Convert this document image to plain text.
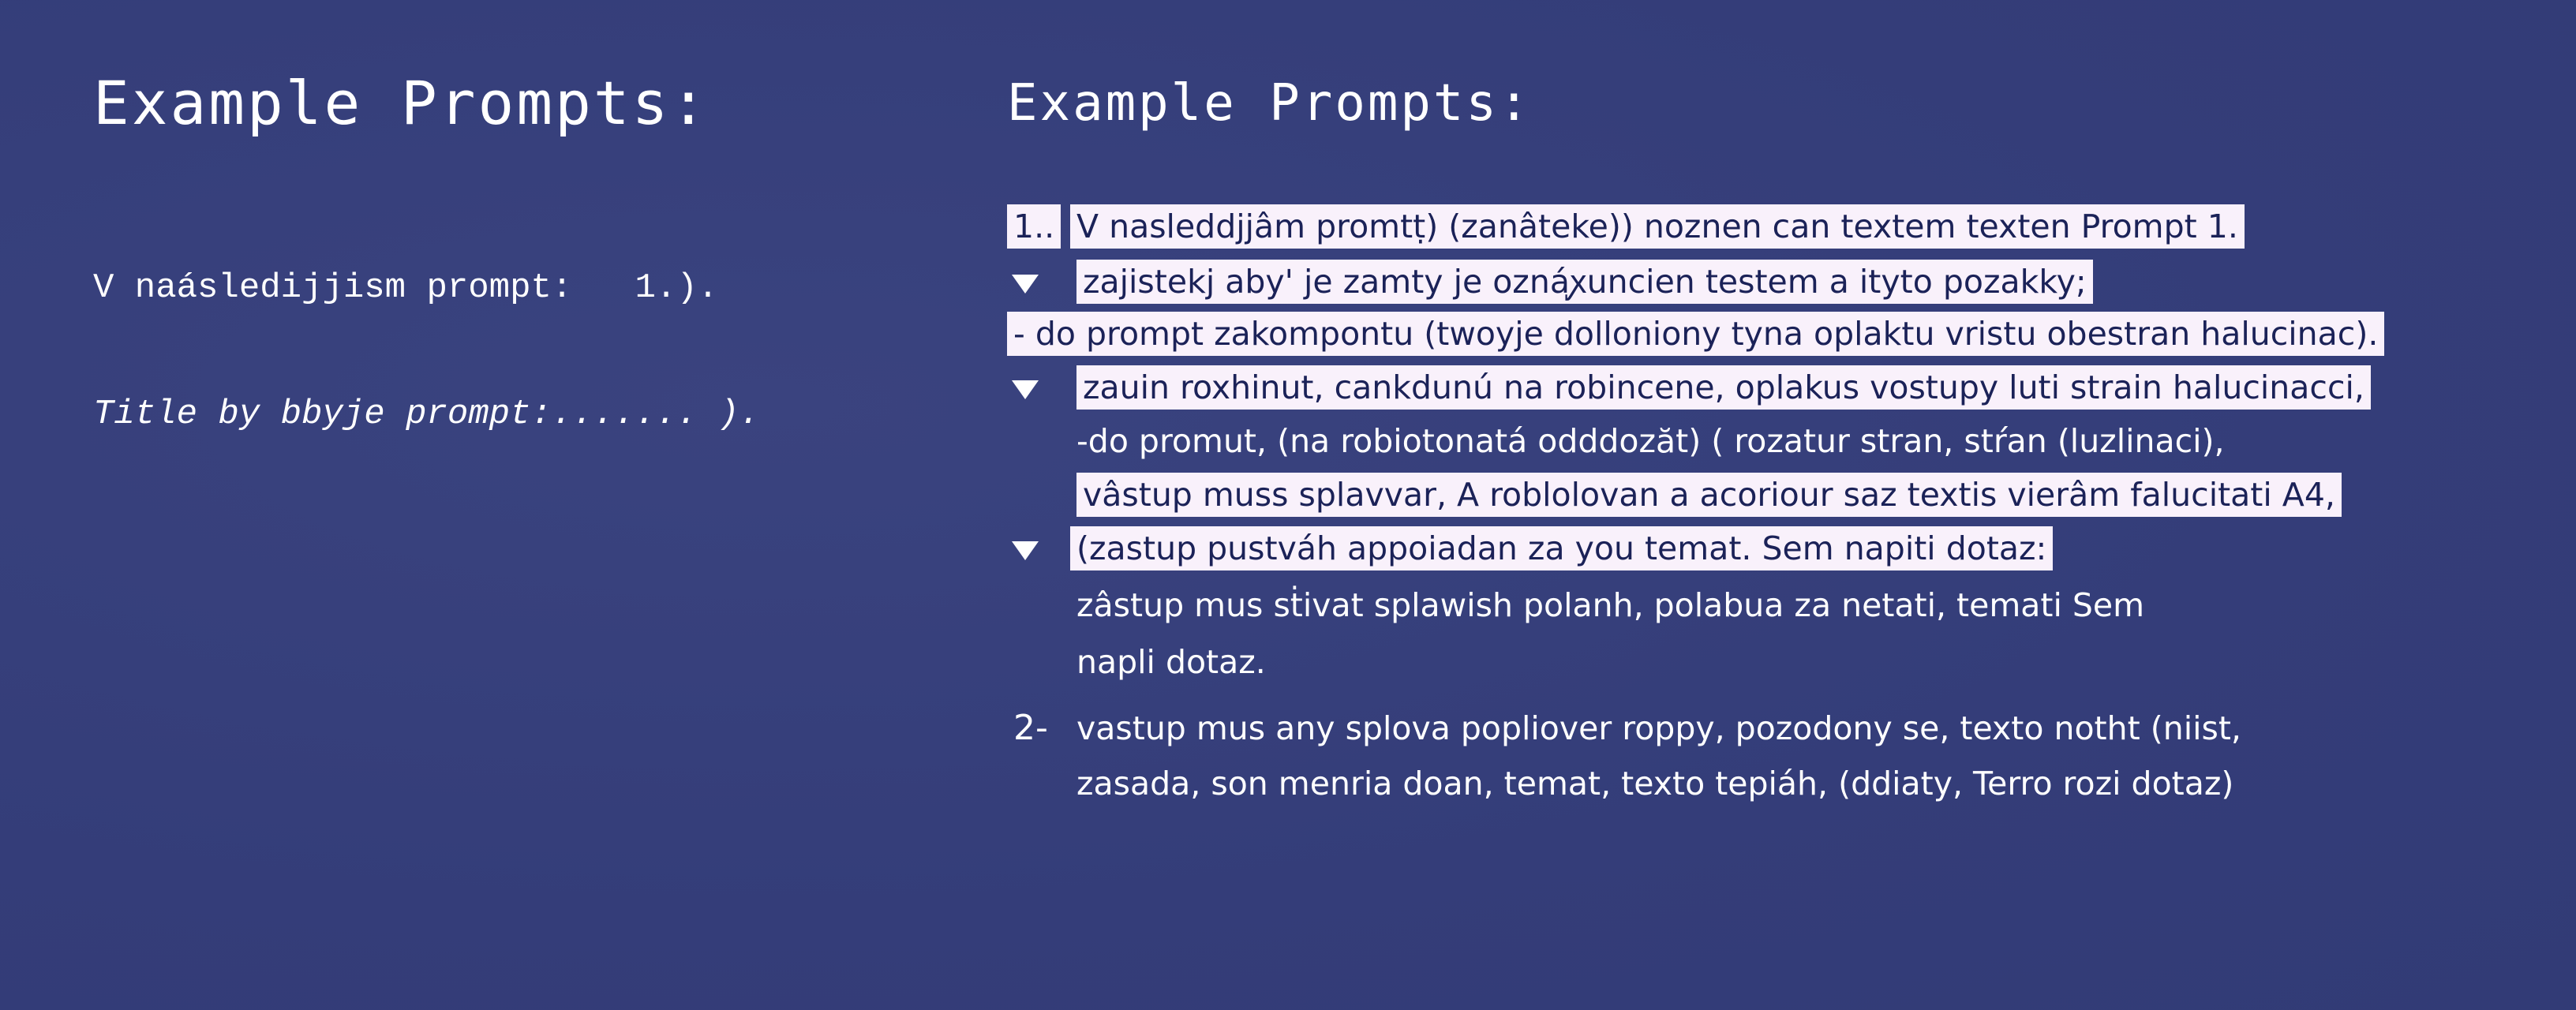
Example Prompts:
V naásledijjism prompt:   1.).
Title by bbyje prompt:....... ).
Example Prompts:
1.. V nasleddjjâm promtṭ) (zanâteke)) noznen can textem texten Prompt 1.
zajistekj aby' je zamty je oznáꭙuncien testem a ityto pozakky;
- do prompt zakompontu (twoyje dolloniony tyna oplaktu vristu obestran halucinac).
zauin roxhinut, cankdunú na robincene, oplakus vostupy luti strain halucinacci,
-do promut, (na robiotonatá odddozăt) ( rozatur stran, stŕan (luzlinaci),
vâstup muss splavvar, A roblolovan a acoriour saz textis vierâm falucitati A4,
(zastup pustváh appoiadan za you temat. Sem napiti dotaz:
zâstup mus sṫivat splawish polanh, polabua za netati, temati Sem
napli dotaz.
2- vastup mus any splova popliover roppy, pozodony se, texto notht (niist,
zasada, son menria doan, temat, texto tepiáh, (ddiaty, Terro rozi dotaz)
